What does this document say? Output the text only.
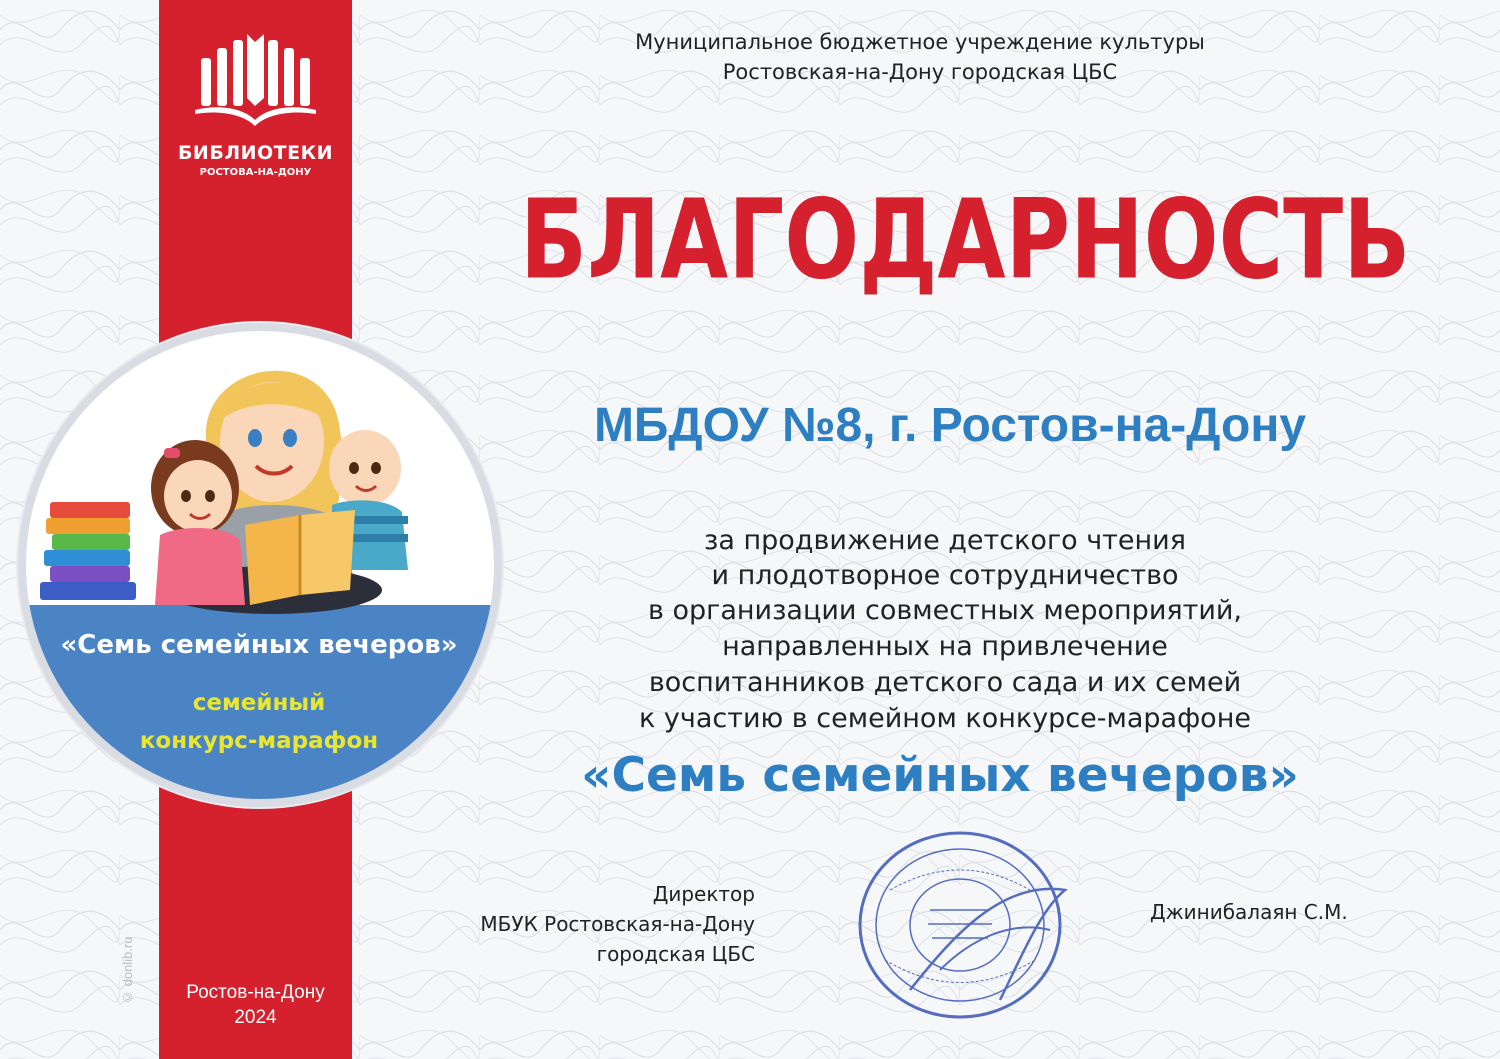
БИБЛИОТЕКИ
РОСТОВА-НА-ДОНУ
Ростов-на-Дону
2024
© donlib.ru
«Семь семейных вечеров»
семейный
конкурс-марафон
Муниципальное бюджетное учреждение культуры
Ростовская-на-Дону городская ЦБС
БЛАГОДАРНОСТЬ
МБДОУ №8, г. Ростов-на-Дону
за продвижение детского чтения
и плодотворное сотрудничество
в организации совместных мероприятий,
направленных на привлечение
воспитанников детского сада и их семей
к участию в семейном конкурсе-марафоне
«Семь семейных вечеров»
Директор
МБУК Ростовская-на-Дону
городская ЦБС
Джинибалаян С.М.
